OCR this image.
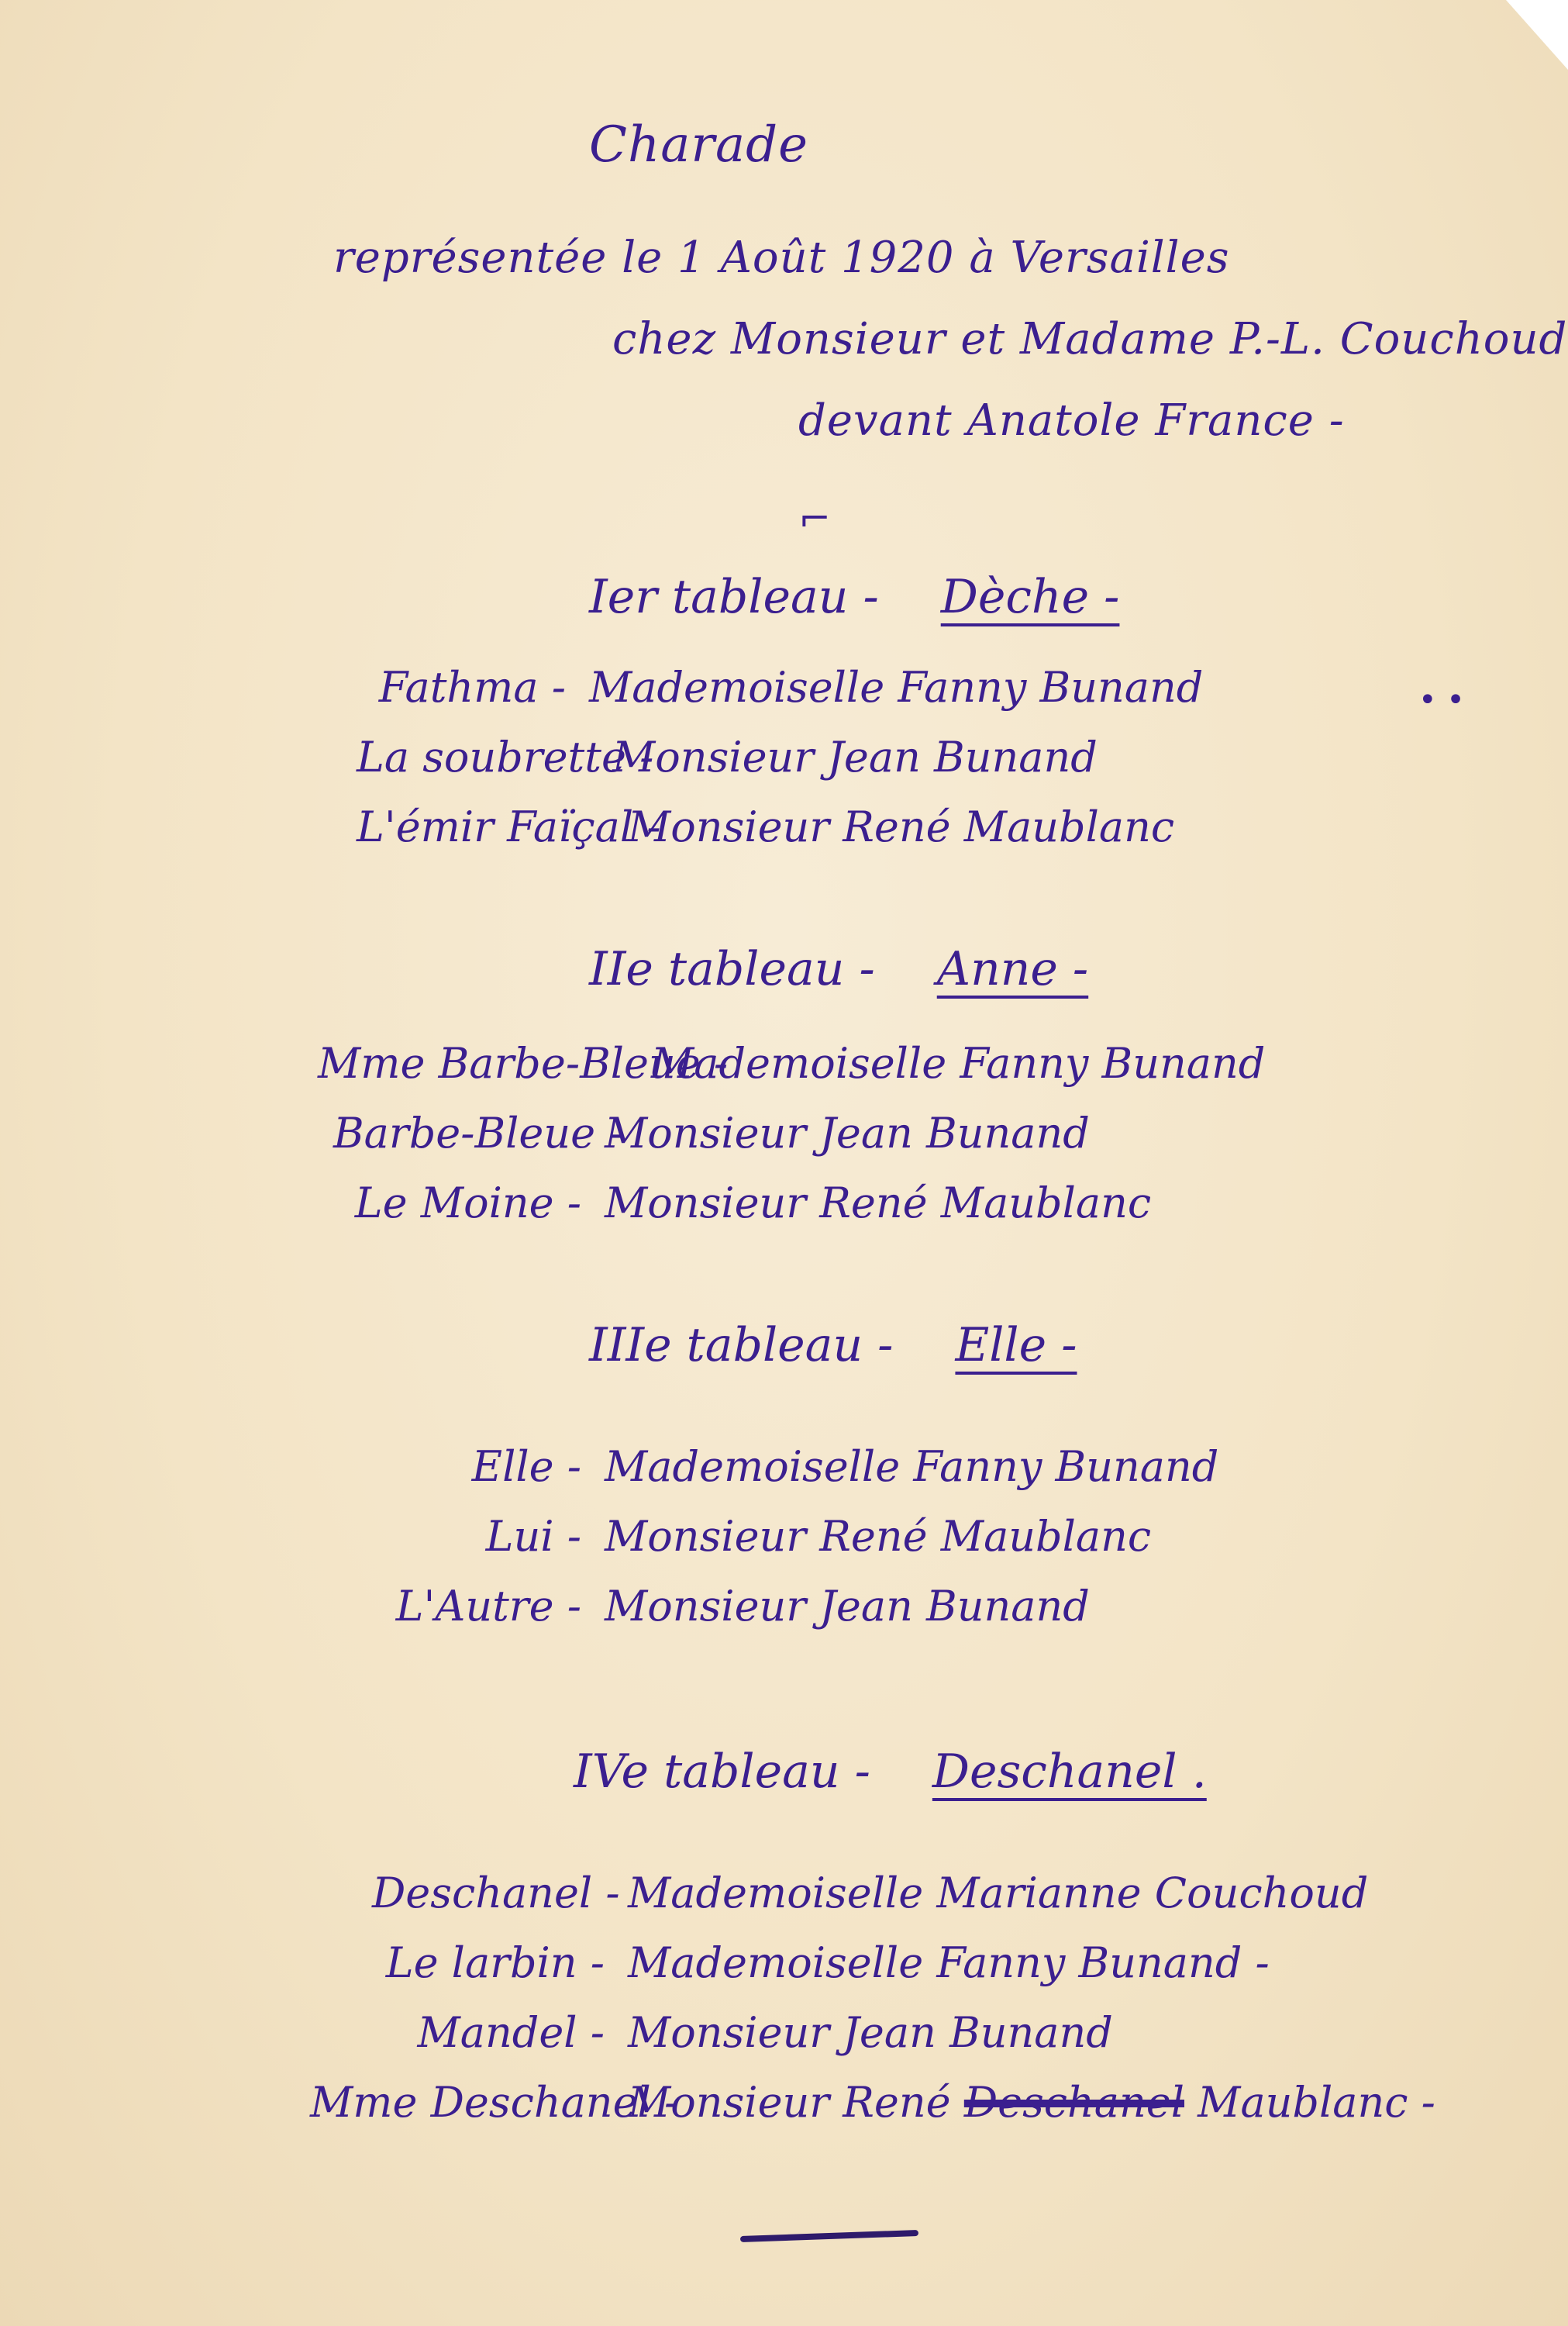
Charade
représentée le 1 Août 1920 à Versailles
chez Monsieur et Madame P.-L. Couchoud
devant Anatole France -
⌐
Ier tableau - Dèche -
Fathma - Mademoiselle Fanny Bunand
La soubrette -Monsieur Jean Bunand
L'émir Faïçal -Monsieur René Maublanc
IIe tableau - Anne -
Mme Barbe-Bleue -Mademoiselle Fanny Bunand
Barbe-Bleue -Monsieur Jean Bunand
Le Moine - Monsieur René Maublanc
IIIe tableau - Elle -
Elle - Mademoiselle Fanny Bunand
Lui - Monsieur René Maublanc
L'Autre - Monsieur Jean Bunand
IVe tableau - Deschanel .
Deschanel - Mademoiselle Marianne Couchoud
Le larbin - Mademoiselle Fanny Bunand -
Mandel - Monsieur Jean Bunand
Mme Deschanel -Monsieur René Deschanel Maublanc -
• •
